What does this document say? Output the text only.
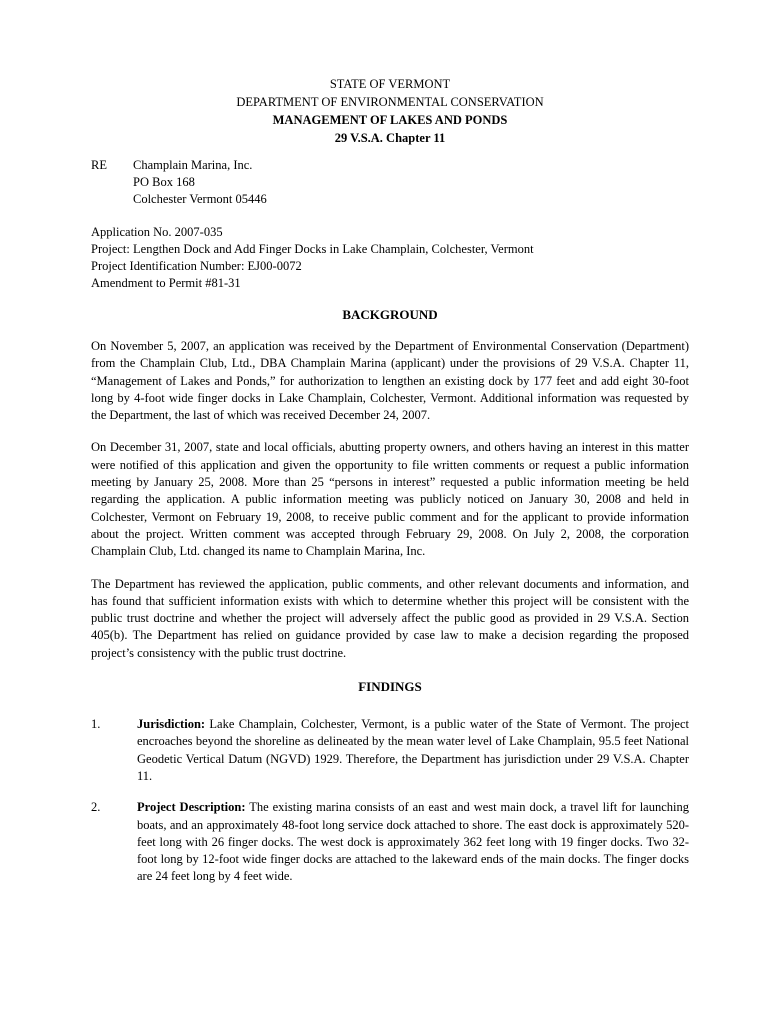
STATE OF VERMONT
DEPARTMENT OF ENVIRONMENTAL CONSERVATION
MANAGEMENT OF LAKES AND PONDS
29 V.S.A. Chapter 11
RE	Champlain Marina, Inc.
PO Box 168
Colchester Vermont 05446
Application No. 2007-035
Project: Lengthen Dock and Add Finger Docks in Lake Champlain, Colchester, Vermont
Project Identification Number: EJ00-0072
Amendment to Permit #81-31
BACKGROUND

On November 5, 2007, an application was received by the Department of Environmental Conservation (Department) from the Champlain Club, Ltd., DBA Champlain Marina (applicant) under the provisions of 29 V.S.A. Chapter 11, “Management of Lakes and Ponds,” for authorization to lengthen an existing dock by 177 feet and add eight 30-foot long by 4-foot wide finger docks in Lake Champlain, Colchester, Vermont. Additional information was requested by the Department, the last of which was received December 24, 2007.

On December 31, 2007, state and local officials, abutting property owners, and others having an interest in this matter were notified of this application and given the opportunity to file written comments or request a public information meeting by January 25, 2008. More than 25 “persons in interest” requested a public information meeting be held regarding the application. A public information meeting was publicly noticed on January 30, 2008 and held in Colchester, Vermont on February 19, 2008, to receive public comment and for the applicant to provide information about the project. Written comment was accepted through February 29, 2008. On July 2, 2008, the corporation Champlain Club, Ltd. changed its name to Champlain Marina, Inc.

The Department has reviewed the application, public comments, and other relevant documents and information, and has found that sufficient information exists with which to determine whether this project will be consistent with the public trust doctrine and whether the project will adversely affect the public good as provided in 29 V.S.A. Section 405(b). The Department has relied on guidance provided by case law to make a decision regarding the proposed project’s consistency with the public trust doctrine.

FINDINGS
1.	Jurisdiction: Lake Champlain, Colchester, Vermont, is a public water of the State of Vermont. The project encroaches beyond the shoreline as delineated by the mean water level of Lake Champlain, 95.5 feet National Geodetic Vertical Datum (NGVD) 1929. Therefore, the Department has jurisdiction under 29 V.S.A. Chapter 11.
2.	Project Description: The existing marina consists of an east and west main dock, a travel lift for launching boats, and an approximately 48-foot long service dock attached to shore. The east dock is approximately 520-feet long with 26 finger docks. The west dock is approximately 362 feet long with 19 finger docks. Two 32-foot long by 12-foot wide finger docks are attached to the lakeward ends of the main docks. The finger docks are 24 feet long by 4 feet wide.
